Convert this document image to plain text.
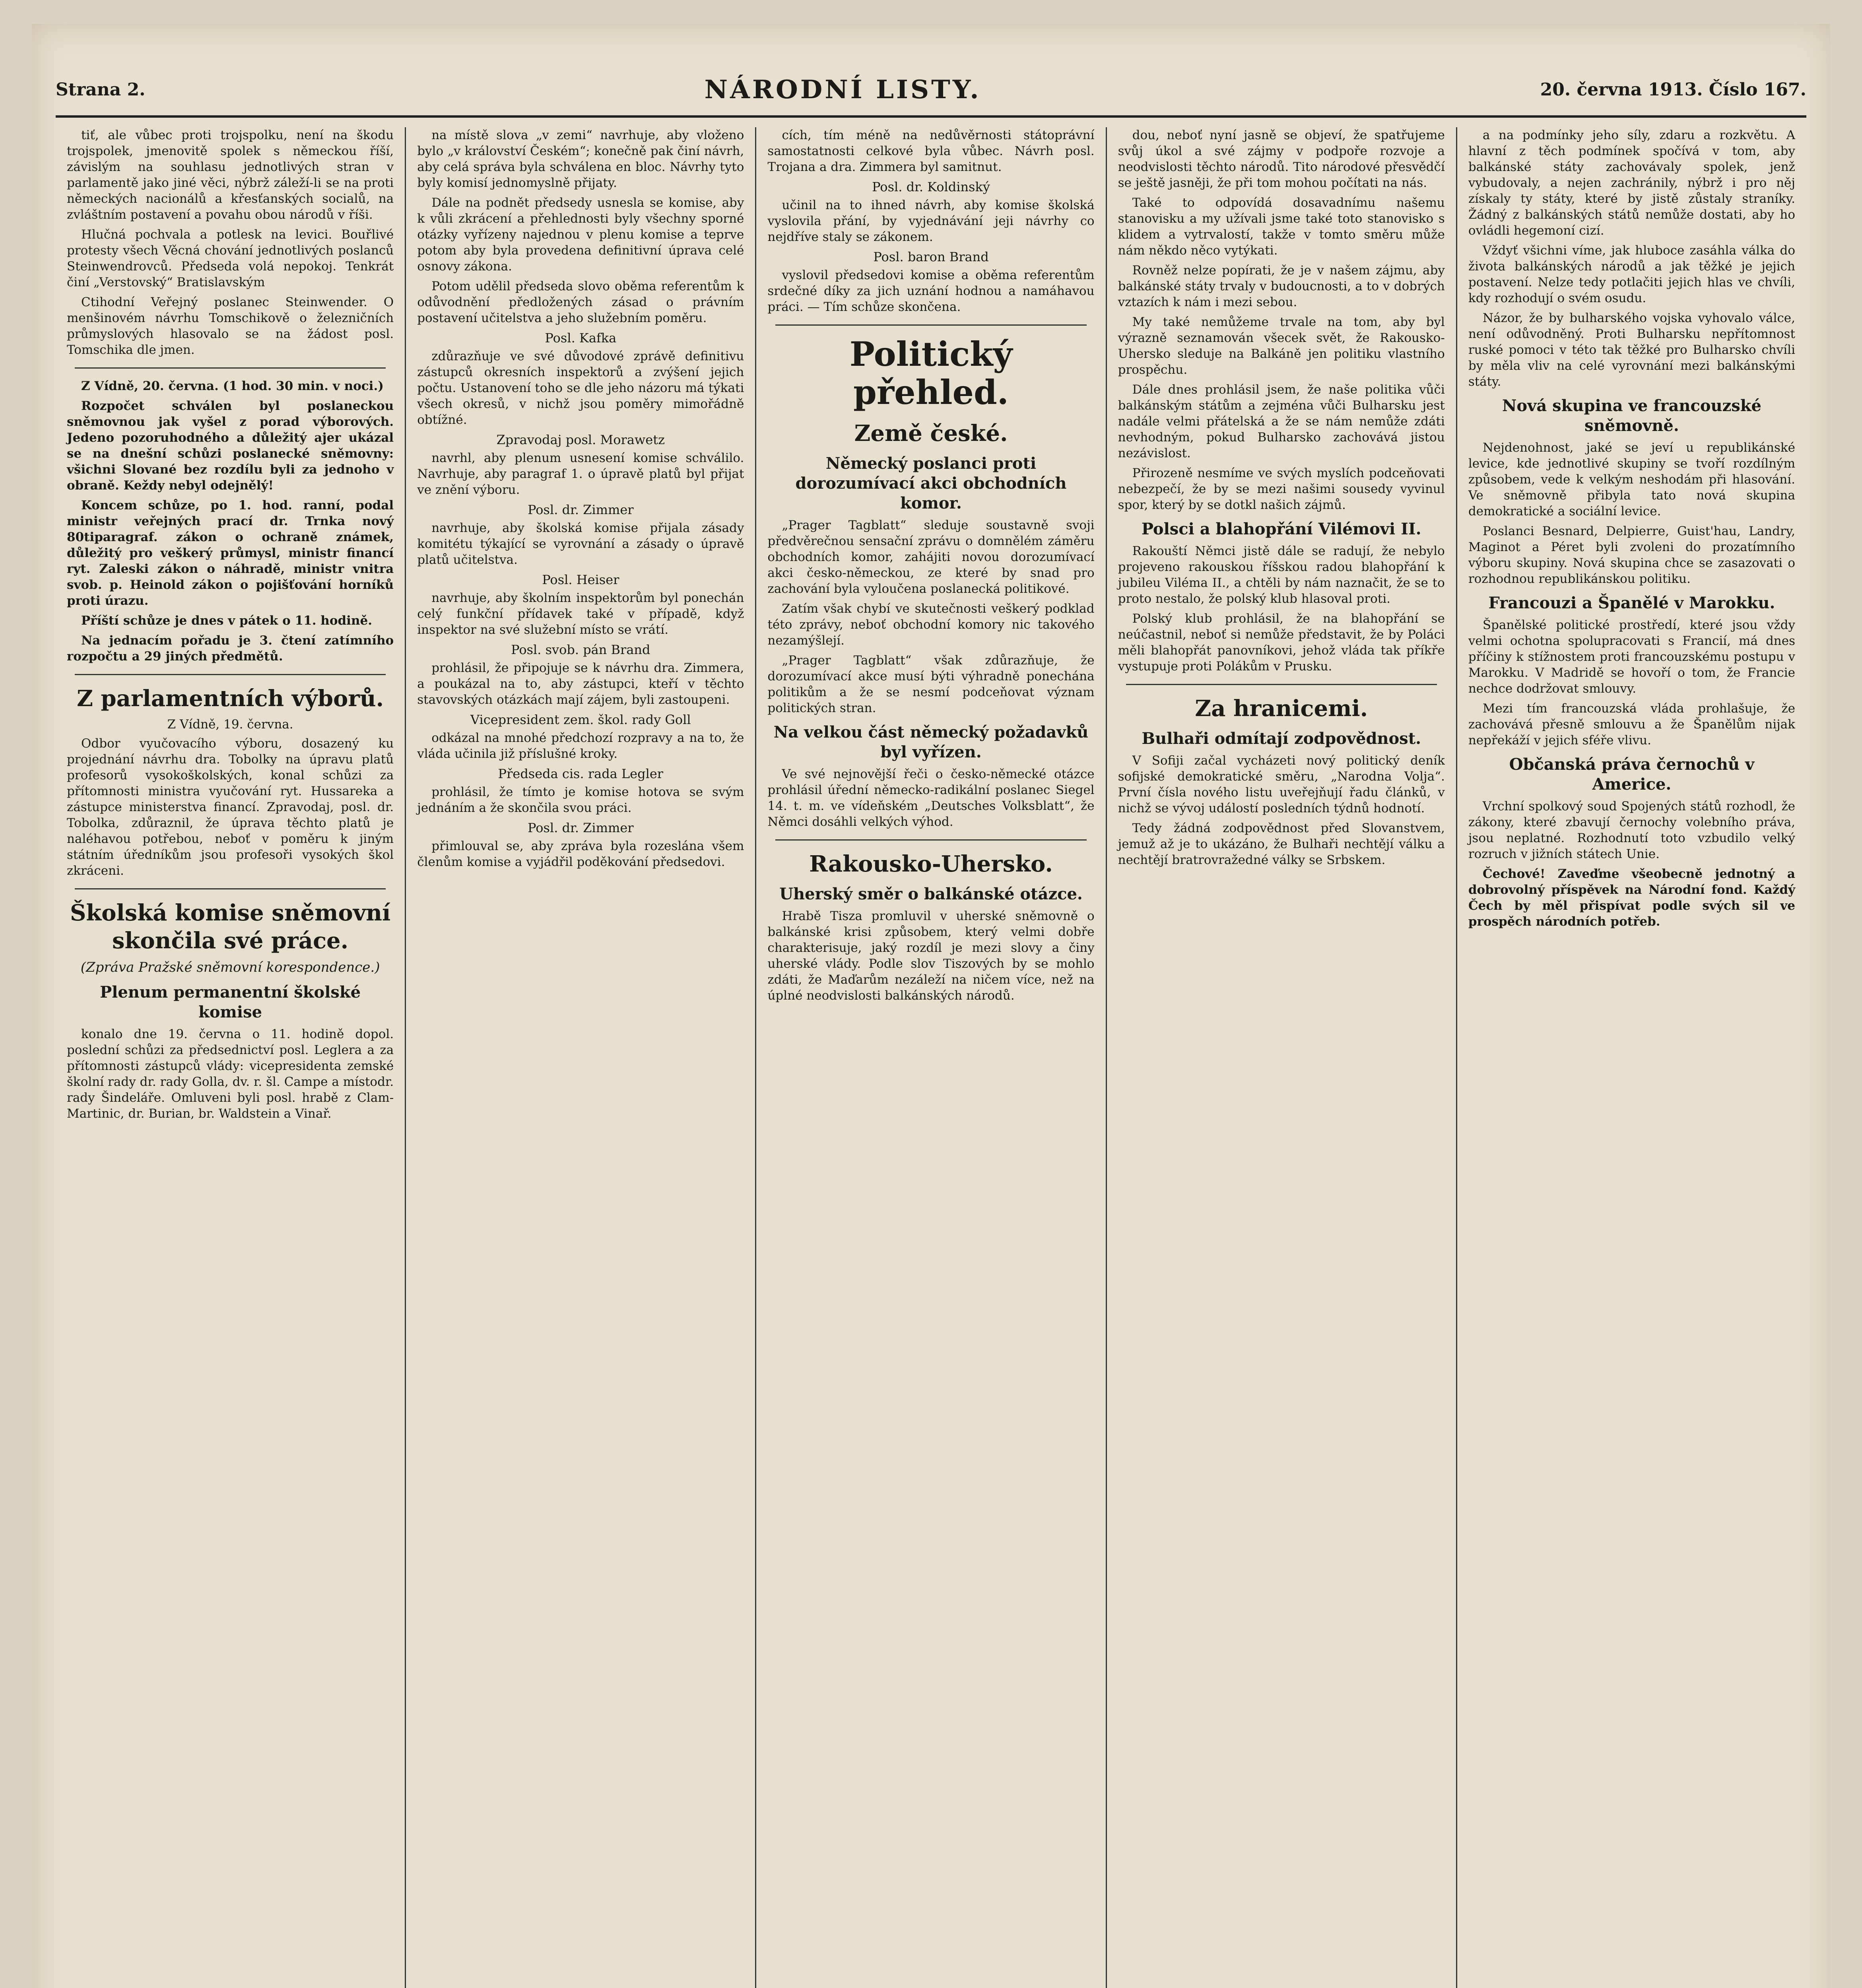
Strana 2.	NÁRODNÍ LISTY.	20. června 1913. Číslo 167.

tiť, ale vůbec proti trojspolku, není na škodu trojspolek, jmenovitě spolek s německou říší, závislým na souhlasu jednotlivých stran v parlamentě jako jiné věci, nýbrž záleží-li se na proti německých nacionálů a křesťanských socialů, na zvláštním postavení a povahu obou národů v říši.

Hlučná pochvala a potlesk na levici. Bouřlivé protesty všech Věcná chování jednotlivých poslanců Steinwendrovců. Předseda volá nepokoj. Tenkrát činí „Verstovský“ Bratislavským

Ctihodní Veřejný poslanec Steinwender. O menšinovém návrhu Tomschikově o železničních průmyslových hlasovalo se na žádost posl. Tomschika dle jmen.

Z Vídně, 20. června. (1 hod. 30 min. v noci.)

Rozpočet schválen byl poslaneckou sněmovnou jak vyšel z porad výborových. Jedeno pozoruhodného a důležitý ajer ukázal se na dnešní schůzi poslanecké sněmovny: všichni Slované bez rozdílu byli za jednoho v obraně. Keždy nebyl odejnělý!

Koncem schůze, po 1. hod. ranní, podal ministr veřejných prací dr. Trnka nový 80tiparagraf. zákon o ochraně známek, důležitý pro veškerý průmysl, ministr financí ryt. Zaleski zákon o náhradě, ministr vnitra svob. p. Heinold zákon o pojišťování horníků proti úrazu.

Příští schůze je dnes v pátek o 11. hodině.

Na jednacím pořadu je 3. čtení zatímního rozpočtu a 29 jiných předmětů.

Z parlamentních výborů.
Z Vídně, 19. června.

Odbor vyučovacího výboru, dosazený ku projednání návrhu dra. Tobolky na úpravu platů profesorů vysokoškolských, konal schůzi za přítomnosti ministra vyučování ryt. Hussareka a zástupce ministerstva financí. Zpravodaj, posl. dr. Tobolka, zdůraznil, že úprava těchto platů je naléhavou potřebou, neboť v poměru k jiným státním úředníkům jsou profesoři vysokých škol zkráceni.

Školská komise sněmovní skončila své práce.
(Zpráva Pražské sněmovní korespondence.)
Plenum permanentní školské komise

konalo dne 19. června o 11. hodině dopol. poslední schůzi za předsednictví posl. Leglera a za přítomnosti zástupců vlády: vicepresidenta zemské školní rady dr. rady Golla, dv. r. šl. Campe a místodr. rady Šindeláře. Omluveni byli posl. hrabě z Clam-Martinic, dr. Burian, br. Waldstein a Vinař.

na místě slova „v zemi“ navrhuje, aby vloženo bylo „v království Českém“; konečně pak činí návrh, aby celá správa byla schválena en bloc. Návrhy tyto byly komisí jednomyslně přijaty.

Dále na podnět předsedy usnesla se komise, aby k vůli zkrácení a přehlednosti byly všechny sporné otázky vyřízeny najednou v plenu komise a teprve potom aby byla provedena definitivní úprava celé osnovy zákona.

Potom udělil předseda slovo oběma referentům k odůvodnění předložených zásad o právním postavení učitelstva a jeho služebním poměru.

Posl. Kafka

zdůrazňuje ve své důvodové zprávě definitivu zástupců okresních inspektorů a zvýšení jejich počtu. Ustanovení toho se dle jeho názoru má týkati všech okresů, v nichž jsou poměry mimořádně obtížné.

Zpravodaj posl. Morawetz

navrhl, aby plenum usnesení komise schválilo. Navrhuje, aby paragraf 1. o úpravě platů byl přijat ve znění výboru.

Posl. dr. Zimmer

navrhuje, aby školská komise přijala zásady komitétu týkající se vyrovnání a zásady o úpravě platů učitelstva.

Posl. Heiser

navrhuje, aby školním inspektorům byl ponechán celý funkční přídavek také v případě, když inspektor na své služební místo se vrátí.

Posl. svob. pán Brand

prohlásil, že připojuje se k návrhu dra. Zimmera, a poukázal na to, aby zástupci, kteří v těchto stavovských otázkách mají zájem, byli zastoupeni.

Vicepresident zem. škol. rady Goll

odkázal na mnohé předchozí rozpravy a na to, že vláda učinila již příslušné kroky.

Předseda cis. rada Legler

prohlásil, že tímto je komise hotova se svým jednáním a že skončila svou práci.

Posl. dr. Zimmer

přimlouval se, aby zpráva byla rozeslána všem členům komise a vyjádřil poděkování předsedovi.

cích, tím méně na nedůvěrnosti státoprávní samostatnosti celkové byla vůbec. Návrh posl. Trojana a dra. Zimmera byl samitnut.

Posl. dr. Koldinský

učinil na to ihned návrh, aby komise školská vyslovila přání, by vyjednávání jeji návrhy co nejdříve staly se zákonem.

Posl. baron Brand

vyslovil předsedovi komise a oběma referentům srdečné díky za jich uznání hodnou a namáhavou práci. — Tím schůze skončena.

Politický přehled.
Země české.
Německý poslanci proti dorozumívací akci obchodních komor.

„Prager Tagblatt“ sleduje soustavně svoji předvěrečnou sensační zprávu o domnělém záměru obchodních komor, zahájiti novou dorozumívací akci česko-německou, ze které by snad pro zachování byla vyloučena poslanecká politikové.

Zatím však chybí ve skutečnosti veškerý podklad této zprávy, neboť obchodní komory nic takového nezamýšlejí.

„Prager Tagblatt“ však zdůrazňuje, že dorozumívací akce musí býti výhradně ponechána politikům a že se nesmí podceňovat význam politických stran.

Na velkou část německý požadavků byl vyřízen.

Ve své nejnovější řeči o česko-německé otázce prohlásil úřední německo-radikální poslanec Siegel 14. t. m. ve vídeňském „Deutsches Volksblatt“, že Němci dosáhli velkých výhod.

Rakousko-Uhersko.
Uherský směr o balkánské otázce.

Hrabě Tisza promluvil v uherské sněmovně o balkánské krisi způsobem, který velmi dobře charakterisuje, jaký rozdíl je mezi slovy a činy uherské vlády. Podle slov Tiszových by se mohlo zdáti, že Maďarům nezáleží na ničem více, než na úplné neodvislosti balkánských národů.

dou, neboť nyní jasně se objeví, že spatřujeme svůj úkol a své zájmy v podpoře rozvoje a neodvislosti těchto národů. Tito národové přesvědčí se ještě jasněji, že při tom mohou počítati na nás.

Také to odpovídá dosavadnímu našemu stanovisku a my užívali jsme také toto stanovisko s klidem a vytrvalostí, takže v tomto směru může nám někdo něco vytýkati.

Rovněž nelze popírati, že je v našem zájmu, aby balkánské státy trvaly v budoucnosti, a to v dobrých vztazích k nám i mezi sebou.

My také nemůžeme trvale na tom, aby byl výrazně seznamován všecek svět, že Rakousko-Uhersko sleduje na Balkáně jen politiku vlastního prospěchu.

Dále dnes prohlásil jsem, že naše politika vůči balkánským státům a zejména vůči Bulharsku jest nadále velmi přátelská a že se nám nemůže zdáti nevhodným, pokud Bulharsko zachovává jistou nezávislost.

Přirozeně nesmíme ve svých myslích podceňovati nebezpečí, že by se mezi našimi sousedy vyvinul spor, který by se dotkl našich zájmů.

Polsci a blahopřání Vilémovi II.

Rakouští Němci jistě dále se radují, že nebylo projeveno rakouskou říšskou radou blahopřání k jubileu Viléma II., a chtěli by nám naznačit, že se to proto nestalo, že polský klub hlasoval proti.

Polský klub prohlásil, že na blahopřání se neúčastnil, neboť si nemůže představit, že by Poláci měli blahopřát panovníkovi, jehož vláda tak příkře vystupuje proti Polákům v Prusku.

Za hranicemi.
Bulhaři odmítají zodpovědnost.

V Sofiji začal vycházeti nový politický deník sofijské demokratické směru, „Narodna Volja“. První čísla nového listu uveřejňují řadu článků, v nichž se vývoj událostí posledních týdnů hodnotí.

Tedy žádná zodpovědnost před Slovanstvem, jemuž až je to ukázáno, že Bulhaři nechtějí válku a nechtějí bratrovražedné války se Srbskem.

a na podmínky jeho síly, zdaru a rozkvětu. A hlavní z těch podmínek spočívá v tom, aby balkánské státy zachovávaly spolek, jenž vybudovaly, a nejen zachránily, nýbrž i pro něj získaly ty státy, které by jistě zůstaly straníky. Žádný z balkánských států nemůže dostati, aby ho ovládli hegemoní cizí.

Vždyť všichni víme, jak hluboce zasáhla válka do života balkánských národů a jak těžké je jejich postavení. Nelze tedy potlačiti jejich hlas ve chvíli, kdy rozhodují o svém osudu.

Názor, že by bulharského vojska vyhovalo válce, není odůvodněný. Proti Bulharsku nepřítomnost ruské pomoci v této tak těžké pro Bulharsko chvíli by měla vliv na celé vyrovnání mezi balkánskými státy.

Nová skupina ve francouzské sněmovně.

Nejdenohnost, jaké se jeví u republikánské levice, kde jednotlivé skupiny se tvoří rozdílným způsobem, vede k velkým neshodám při hlasování. Ve sněmovně přibyla tato nová skupina demokratické a sociální levice.

Poslanci Besnard, Delpierre, Guist'hau, Landry, Maginot a Péret byli zvoleni do prozatímního výboru skupiny. Nová skupina chce se zasazovati o rozhodnou republikánskou politiku.

Francouzi a Španělé v Marokku.

Španělské politické prostředí, které jsou vždy velmi ochotna spolupracovati s Francií, má dnes příčiny k stížnostem proti francouzskému postupu v Marokku. V Madridě se hovoří o tom, že Francie nechce dodržovat smlouvy.

Mezi tím francouzská vláda prohlašuje, že zachovává přesně smlouvu a že Španělům nijak nepřekáží v jejich sféře vlivu.

Občanská práva černochů v Americe.

Vrchní spolkový soud Spojených států rozhodl, že zákony, které zbavují černochy volebního práva, jsou neplatné. Rozhodnutí toto vzbudilo velký rozruch v jižních státech Unie.

Čechové! Zaveďme všeobecně jednotný a dobrovolný příspěvek na Národní fond. Každý Čech by měl přispívat podle svých sil ve prospěch národních potřeb.
